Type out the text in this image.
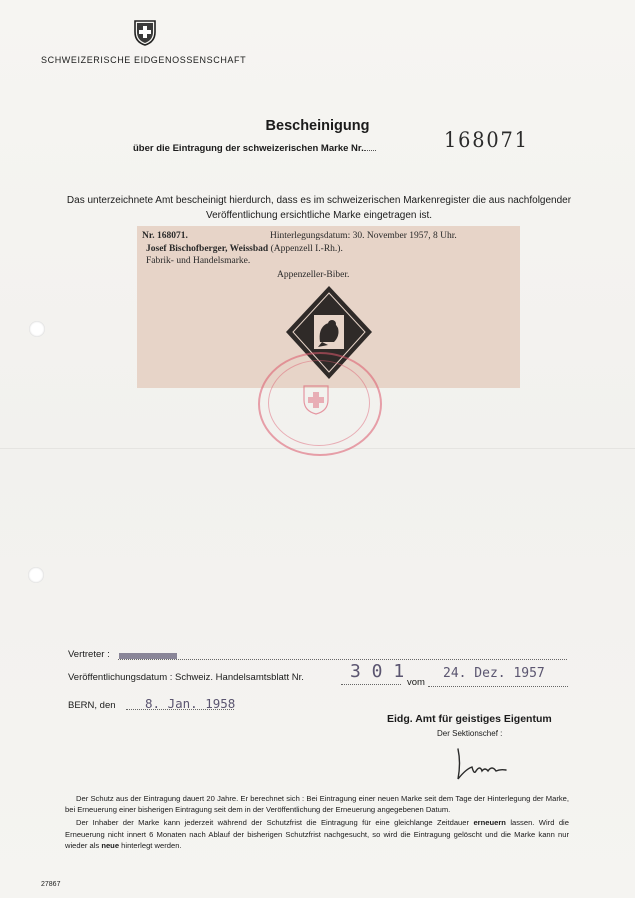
SCHWEIZERISCHE EIDGENOSSENSCHAFT
Bescheinigung
über die Eintragung der schweizerischen Marke Nr.	168071
Das unterzeichnete Amt bescheinigt hierdurch, dass es im schweizerischen Markenregister die aus nachfolgender Veröffentlichung ersichtliche Marke eingetragen ist.
Nr. 168071.	Hinterlegungsdatum: 30. November 1957, 8 Uhr.
Josef Bischofberger, Weissbad (Appenzell I.-Rh.).
Fabrik- und Handelsmarke.
Appenzeller-Biber.
Vertreter :
Veröffentlichungsdatum : Schweiz. Handelsamtsblatt Nr.	3 0 1
vom
24. Dez. 1957
BERN, den 8. Jan. 1958
Eidg. Amt für geistiges Eigentum
Der Sektionschef :

Der Schutz aus der Eintragung dauert 20 Jahre. Er berechnet sich : Bei Eintragung einer neuen Marke seit dem Tage der Hinterlegung der Marke, bei Erneuerung einer bisherigen Eintragung seit dem in der Veröffentlichung der Erneuerung angegebenen Datum.

Der Inhaber der Marke kann jederzeit während der Schutzfrist die Eintragung für eine gleichlange Zeitdauer erneuern lassen. Wird die Erneuerung nicht innert 6 Monaten nach Ablauf der bisherigen Schutzfrist nachgesucht, so wird die Eintragung gelöscht und die Marke kann nur wieder als neue hinterlegt werden.

27867
